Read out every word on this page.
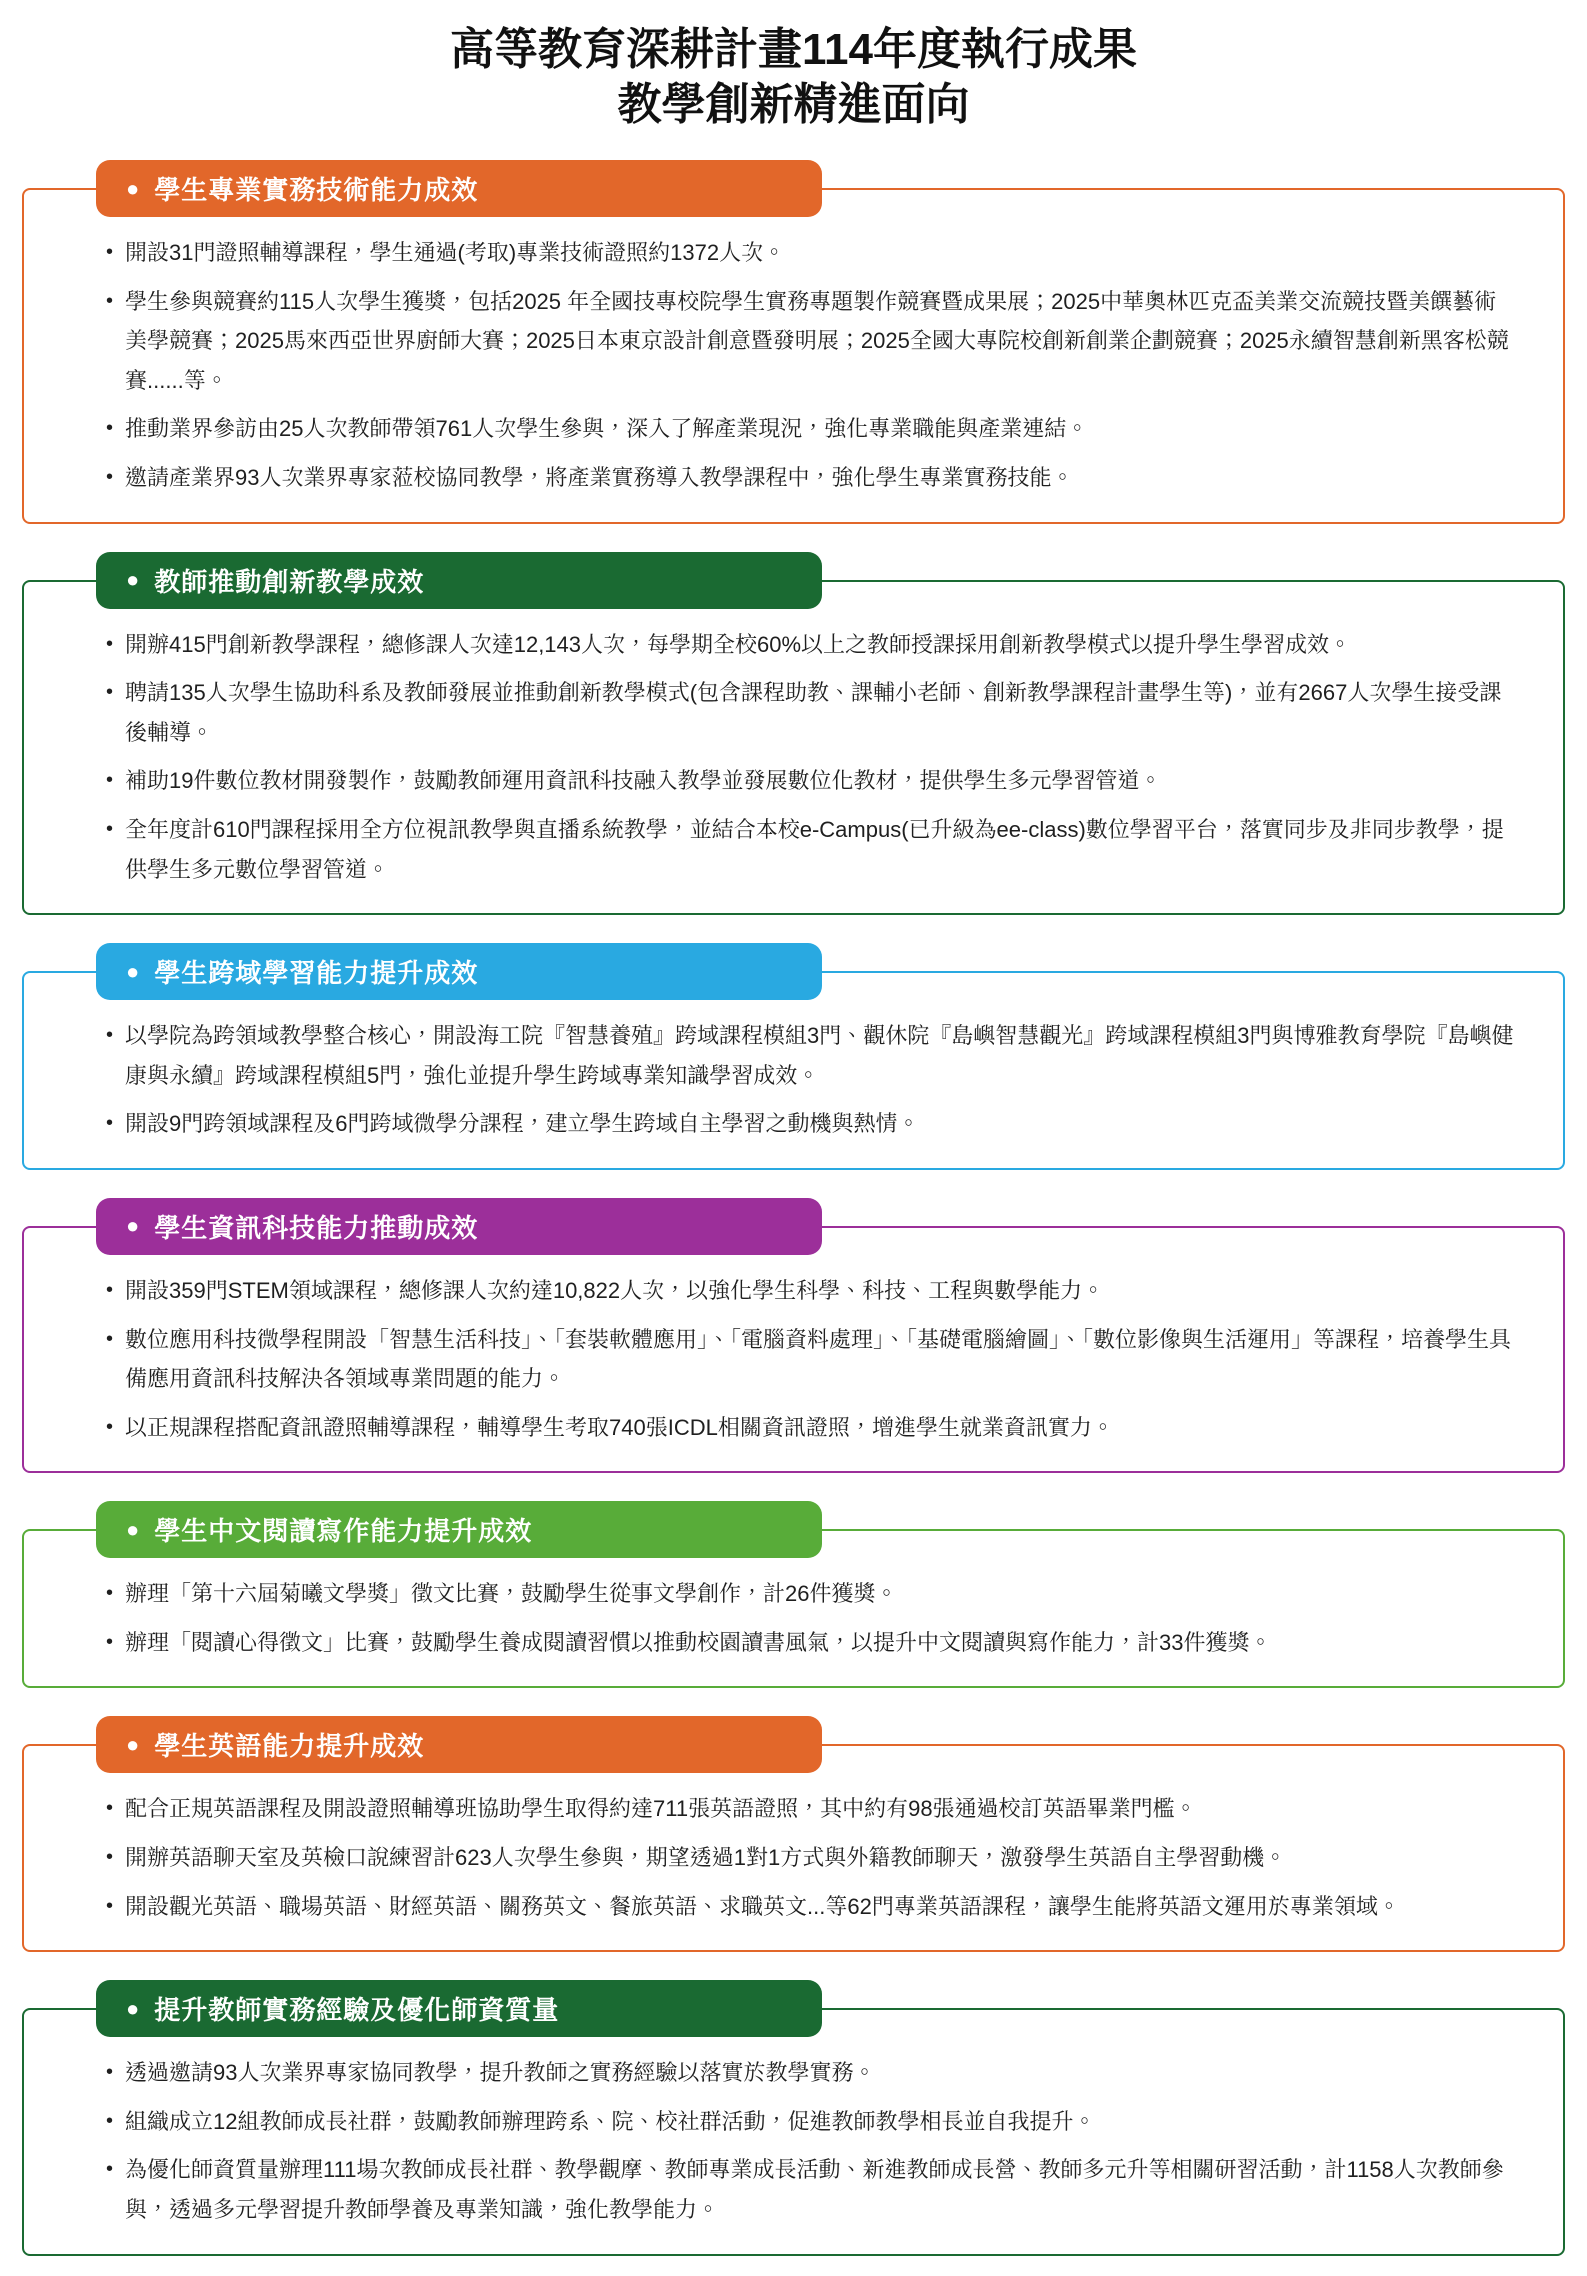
高等教育深耕計畫114年度執行成果
教學創新精進面向
● 學生專業實務技術能力成效
• 開設31門證照輔導課程，學生通過(考取)專業技術證照約1372人次。
• 學生參與競賽約115人次學生獲獎，包括2025 年全國技專校院學生實務專題製作競賽暨成果展；2025中華奧林匹克盃美業交流競技暨美饌藝術美學競賽；2025馬來西亞世界廚師大賽；2025日本東京設計創意暨發明展；2025全國大專院校創新創業企劃競賽；2025永續智慧創新黑客松競賽......等。
• 推動業界參訪由25人次教師帶領761人次學生參與，深入了解產業現況，強化專業職能與產業連結。
• 邀請產業界93人次業界專家蒞校協同教學，將產業實務導入教學課程中，強化學生專業實務技能。
● 教師推動創新教學成效
• 開辦415門創新教學課程，總修課人次達12,143人次，每學期全校60%以上之教師授課採用創新教學模式以提升學生學習成效。
• 聘請135人次學生協助科系及教師發展並推動創新教學模式(包含課程助教、課輔小老師、創新教學課程計畫學生等)，並有2667人次學生接受課後輔導。
• 補助19件數位教材開發製作，鼓勵教師運用資訊科技融入教學並發展數位化教材，提供學生多元學習管道。
• 全年度計610門課程採用全方位視訊教學與直播系統教學，並結合本校e-Campus(已升級為ee-class)數位學習平台，落實同步及非同步教學，提供學生多元數位學習管道。
● 學生跨域學習能力提升成效
• 以學院為跨領域教學整合核心，開設海工院『智慧養殖』跨域課程模組3門、觀休院『島嶼智慧觀光』跨域課程模組3門與博雅教育學院『島嶼健康與永續』跨域課程模組5門，強化並提升學生跨域專業知識學習成效。
• 開設9門跨領域課程及6門跨域微學分課程，建立學生跨域自主學習之動機與熱情。
● 學生資訊科技能力推動成效
• 開設359門STEM領域課程，總修課人次約達10,822人次，以強化學生科學、科技、工程與數學能力。
• 數位應用科技微學程開設「智慧生活科技」、「套裝軟體應用」、「電腦資料處理」、「基礎電腦繪圖」、「數位影像與生活運用」等課程，培養學生具備應用資訊科技解決各領域專業問題的能力。
• 以正規課程搭配資訊證照輔導課程，輔導學生考取740張ICDL相關資訊證照，增進學生就業資訊實力。
● 學生中文閱讀寫作能力提升成效
• 辦理「第十六屆菊曦文學獎」徵文比賽，鼓勵學生從事文學創作，計26件獲獎。
• 辦理「閱讀心得徵文」比賽，鼓勵學生養成閱讀習慣以推動校園讀書風氣，以提升中文閱讀與寫作能力，計33件獲獎。
● 學生英語能力提升成效
• 配合正規英語課程及開設證照輔導班協助學生取得約達711張英語證照，其中約有98張通過校訂英語畢業門檻。
• 開辦英語聊天室及英檢口說練習計623人次學生參與，期望透過1對1方式與外籍教師聊天，激發學生英語自主學習動機。
• 開設觀光英語、職場英語、財經英語、關務英文、餐旅英語、求職英文...等62門專業英語課程，讓學生能將英語文運用於專業領域。
● 提升教師實務經驗及優化師資質量
• 透過邀請93人次業界專家協同教學，提升教師之實務經驗以落實於教學實務。
• 組織成立12組教師成長社群，鼓勵教師辦理跨系、院、校社群活動，促進教師教學相長並自我提升。
• 為優化師資質量辦理111場次教師成長社群、教學觀摩、教師專業成長活動、新進教師成長營、教師多元升等相關研習活動，計1158人次教師參與，透過多元學習提升教師學養及專業知識，強化教學能力。
